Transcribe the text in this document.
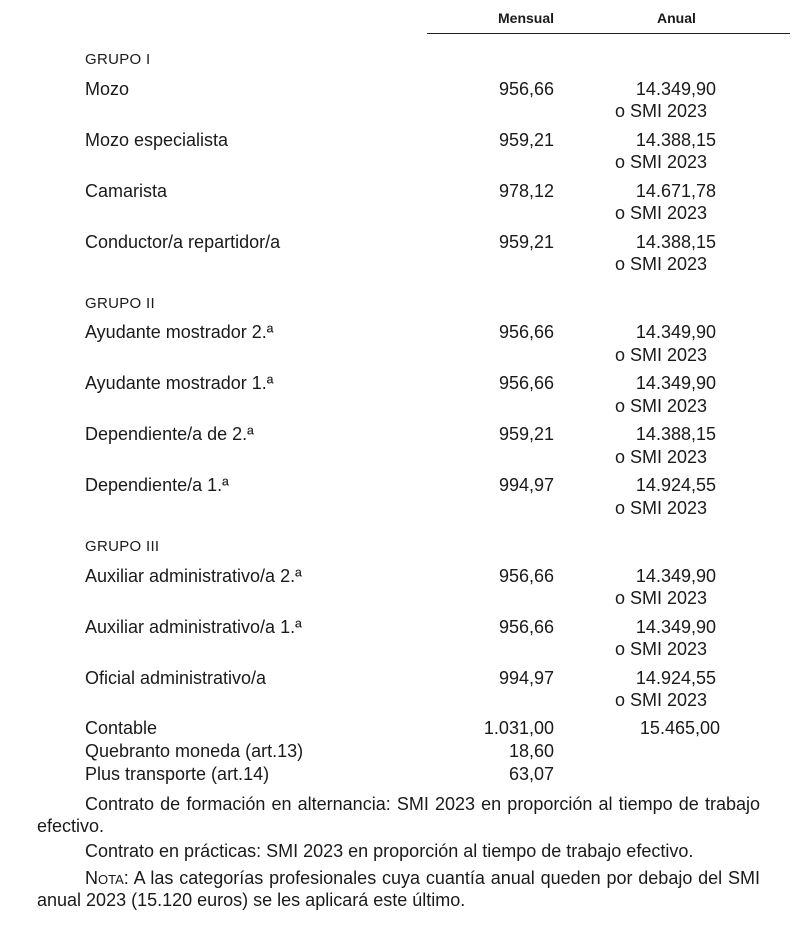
Mensual	Anual
GRUPO I
Mozo	956,66	14.349,90
o SMI 2023
Mozo especialista	959,21	14.388,15
o SMI 2023
Camarista	978,12	14.671,78
o SMI 2023
Conductor/a repartidor/a	959,21	14.388,15
o SMI 2023
GRUPO II
Ayudante mostrador 2.ª	956,66	14.349,90
o SMI 2023
Ayudante mostrador 1.ª	956,66	14.349,90
o SMI 2023
Dependiente/a de 2.ª	959,21	14.388,15
o SMI 2023
Dependiente/a 1.ª	994,97	14.924,55
o SMI 2023
GRUPO III
Auxiliar administrativo/a 2.ª	956,66	14.349,90
o SMI 2023
Auxiliar administrativo/a 1.ª	956,66	14.349,90
o SMI 2023
Oficial administrativo/a	994,97	14.924,55
o SMI 2023
Contable	1.031,00	15.465,00
Quebranto moneda (art.13)	18,60
Plus transporte (art.14)	63,07

Contrato de formación en alternancia: SMI 2023 en proporción al tiempo de trabajo efectivo.

Contrato en prácticas: SMI 2023 en proporción al tiempo de trabajo efectivo.

Nota: A las categorías profesionales cuya cuantía anual queden por debajo del SMI anual 2023 (15.120 euros) se les aplicará este último.
